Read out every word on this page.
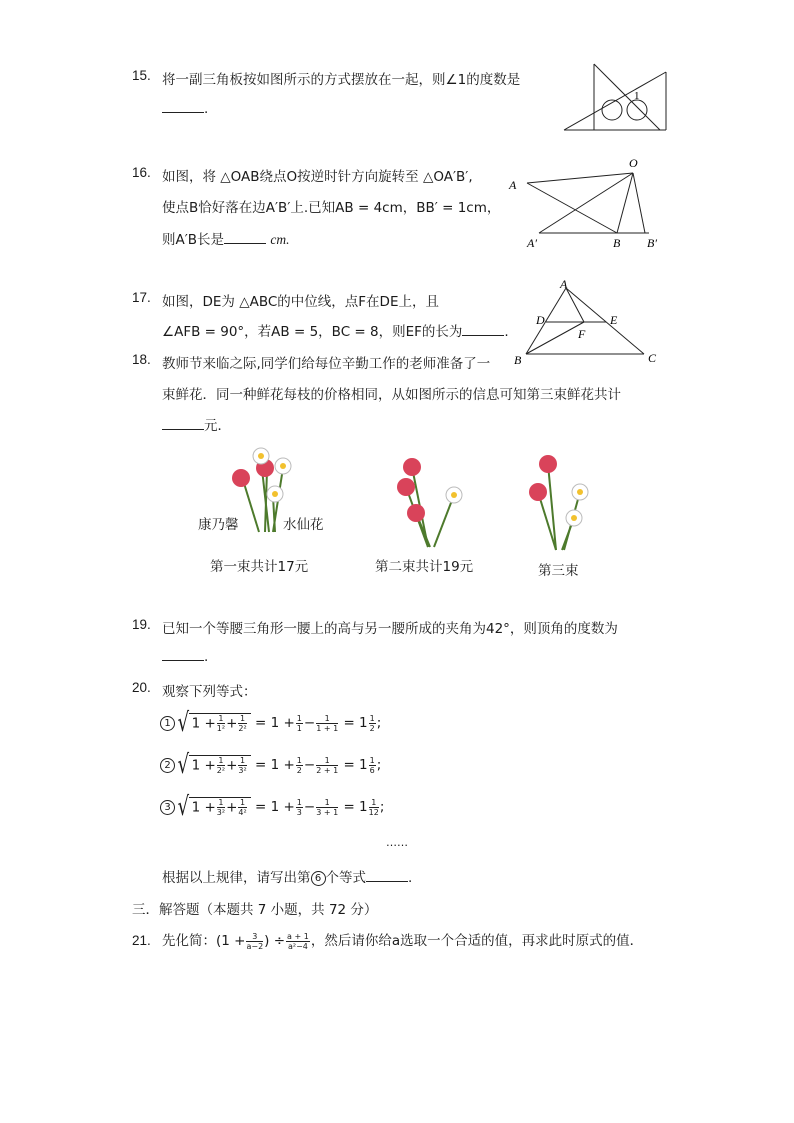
15. 将一副三角板按如图所示的方式摆放在一起，则∠1的度数是
.
1
16. 如图，将 △OAB绕点O按逆时针方向旋转至 △OA′B′,
使点B恰好落在边A′B′上.已知AB = 4cm，BB′ = 1cm，
则A′B长是	cm.
O
A
A′	B B′
17. 如图，DE为 △ABC的中位线，点F在DE上，且
∠AFB = 90°，若AB = 5，BC = 8，则EF的长为	.
A
B	C
D	E
F
18. 教师节来临之际,同学们给每位辛勤工作的老师准备了一
束鲜花．同一种鲜花每枝的价格相同，从如图所示的信息可知第三束鲜花共计
元．
康乃馨	水仙花
第一束共计17元	第二束共计19元	第三束
19. 已知一个等腰三角形一腰上的高与另一腰所成的夹角为42°，则顶角的度数为
.
20. 观察下列等式：
1 √ $1 + \frac{1}{\text{1²}} + \frac{1}{\text{2²}} = 1 + \frac{1}{1} - \frac{1}{1 + 1} = 1 \frac{1}{2}$ ;
2 √ $1 + \frac{1}{\text{2²}} + \frac{1}{\text{3²}} = 1 + \frac{1}{2} - \frac{1}{2 + 1} = 1 \frac{1}{6}$ ;
3 √ $1 + \frac{1}{\text{3²}} + \frac{1}{\text{4²}} = 1 + \frac{1}{3} - \frac{1}{3 + 1} = 1 \frac{1}{12}$ ;
……
根据以上规律，请写出第 6 个等式	.
三．解答题（本题共 7 小题，共 72 分）
21. 先化简：($1 + \frac{3}{a-2}$ ) ÷ $\frac{a + 1}{\text{a²−4}}$ ，然后请你给a选取一个合适的值，再求此时原式的值．
